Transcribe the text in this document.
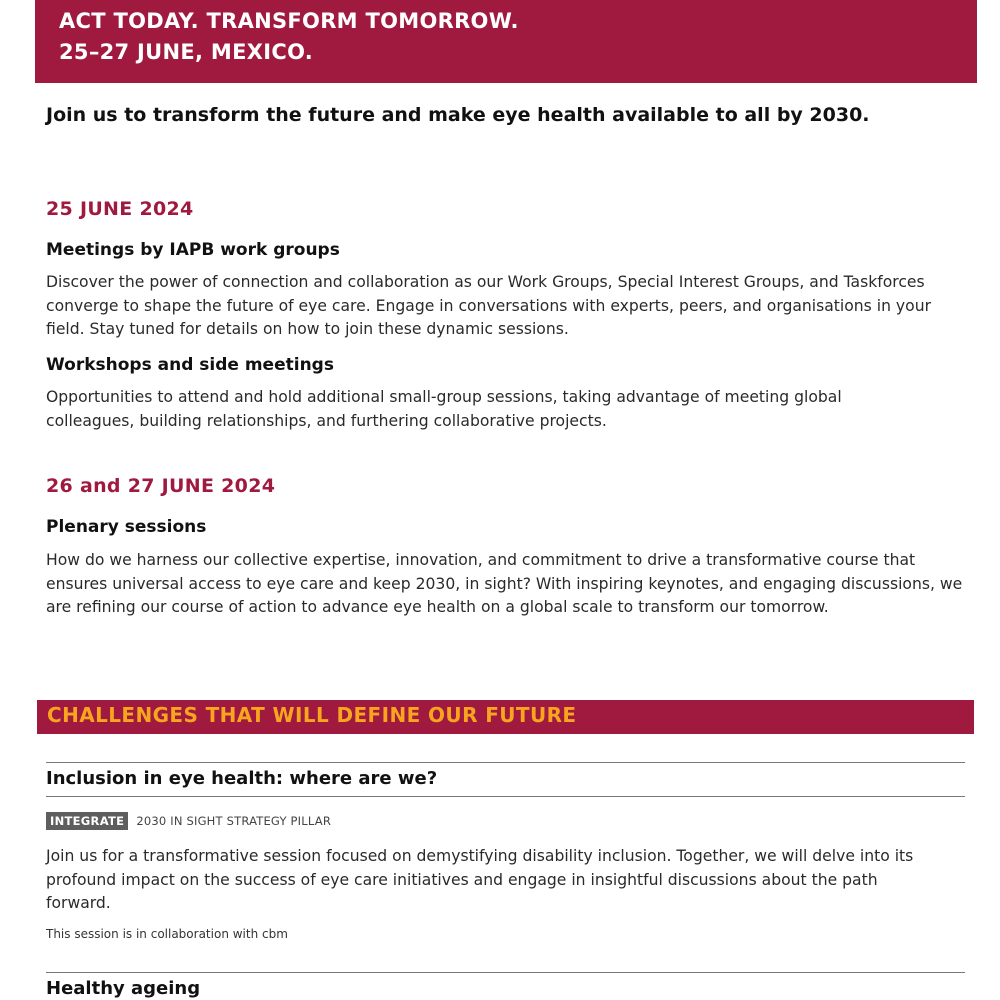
ACT TODAY. TRANSFORM TOMORROW.
25–27 JUNE, MEXICO.
Join us to transform the future and make eye health available to all by 2030.
25 JUNE 2024
Meetings by IAPB work groups
Discover the power of connection and collaboration as our Work Groups, Special Interest Groups, and Taskforces converge to shape the future of eye care. Engage in conversations with experts, peers, and organisations in your field. Stay tuned for details on how to join these dynamic sessions.
Workshops and side meetings
Opportunities to attend and hold additional small-group sessions, taking advantage of meeting global colleagues, building relationships, and furthering collaborative projects.
26 and 27 JUNE 2024
Plenary sessions
How do we harness our collective expertise, innovation, and commitment to drive a transformative course that ensures universal access to eye care and keep 2030, in sight? With inspiring keynotes, and engaging discussions, we are refining our course of action to advance eye health on a global scale to transform our tomorrow.
CHALLENGES THAT WILL DEFINE OUR FUTURE
Inclusion in eye health: where are we?
INTEGRATE	2030 IN SIGHT STRATEGY PILLAR
Join us for a transformative session focused on demystifying disability inclusion. Together, we will delve into its profound impact on the success of eye care initiatives and engage in insightful discussions about the path forward.
This session is in collaboration with cbm
Healthy ageing
